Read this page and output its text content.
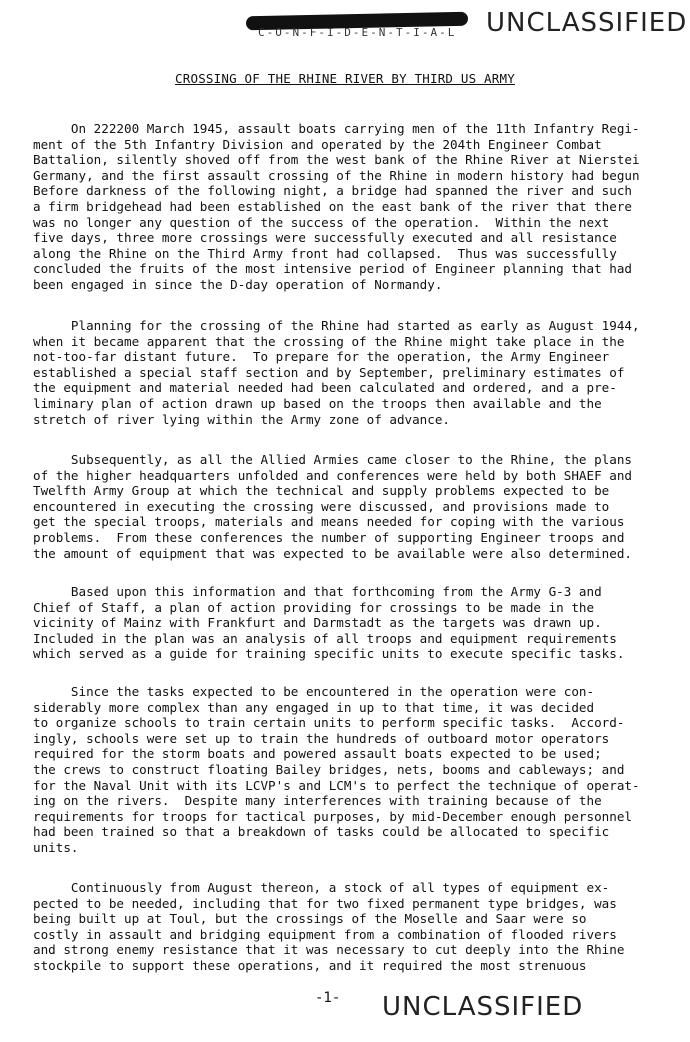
C-O-N-F-I-D-E-N-T-I-A-L UNCLASSIFIED
CROSSING OF THE RHINE RIVER BY THIRD US ARMY
On 222200 March 1945, assault boats carrying men of the 11th Infantry Regi-
ment of the 5th Infantry Division and operated by the 204th Engineer Combat
Battalion, silently shoved off from the west bank of the Rhine River at Nierstei
Germany, and the first assault crossing of the Rhine in modern history had begun
Before darkness of the following night, a bridge had spanned the river and such
a firm bridgehead had been established on the east bank of the river that there
was no longer any question of the success of the operation.  Within the next
five days, three more crossings were successfully executed and all resistance
along the Rhine on the Third Army front had collapsed.  Thus was successfully
concluded the fruits of the most intensive period of Engineer planning that had
been engaged in since the D-day operation of Normandy.
Planning for the crossing of the Rhine had started as early as August 1944,
when it became apparent that the crossing of the Rhine might take place in the
not-too-far distant future.  To prepare for the operation, the Army Engineer
established a special staff section and by September, preliminary estimates of
the equipment and material needed had been calculated and ordered, and a pre-
liminary plan of action drawn up based on the troops then available and the
stretch of river lying within the Army zone of advance.
Subsequently, as all the Allied Armies came closer to the Rhine, the plans
of the higher headquarters unfolded and conferences were held by both SHAEF and
Twelfth Army Group at which the technical and supply problems expected to be
encountered in executing the crossing were discussed, and provisions made to
get the special troops, materials and means needed for coping with the various
problems.  From these conferences the number of supporting Engineer troops and
the amount of equipment that was expected to be available were also determined.
Based upon this information and that forthcoming from the Army G-3 and
Chief of Staff, a plan of action providing for crossings to be made in the
vicinity of Mainz with Frankfurt and Darmstadt as the targets was drawn up.
Included in the plan was an analysis of all troops and equipment requirements
which served as a guide for training specific units to execute specific tasks.
Since the tasks expected to be encountered in the operation were con-
siderably more complex than any engaged in up to that time, it was decided
to organize schools to train certain units to perform specific tasks.  Accord-
ingly, schools were set up to train the hundreds of outboard motor operators
required for the storm boats and powered assault boats expected to be used;
the crews to construct floating Bailey bridges, nets, booms and cableways; and
for the Naval Unit with its LCVP's and LCM's to perfect the technique of operat-
ing on the rivers.  Despite many interferences with training because of the
requirements for troops for tactical purposes, by mid-December enough personnel
had been trained so that a breakdown of tasks could be allocated to specific
units.
Continuously from August thereon, a stock of all types of equipment ex-
pected to be needed, including that for two fixed permanent type bridges, was
being built up at Toul, but the crossings of the Moselle and Saar were so
costly in assault and bridging equipment from a combination of flooded rivers
and strong enemy resistance that it was necessary to cut deeply into the Rhine
stockpile to support these operations, and it required the most strenuous
-1- UNCLASSIFIED
